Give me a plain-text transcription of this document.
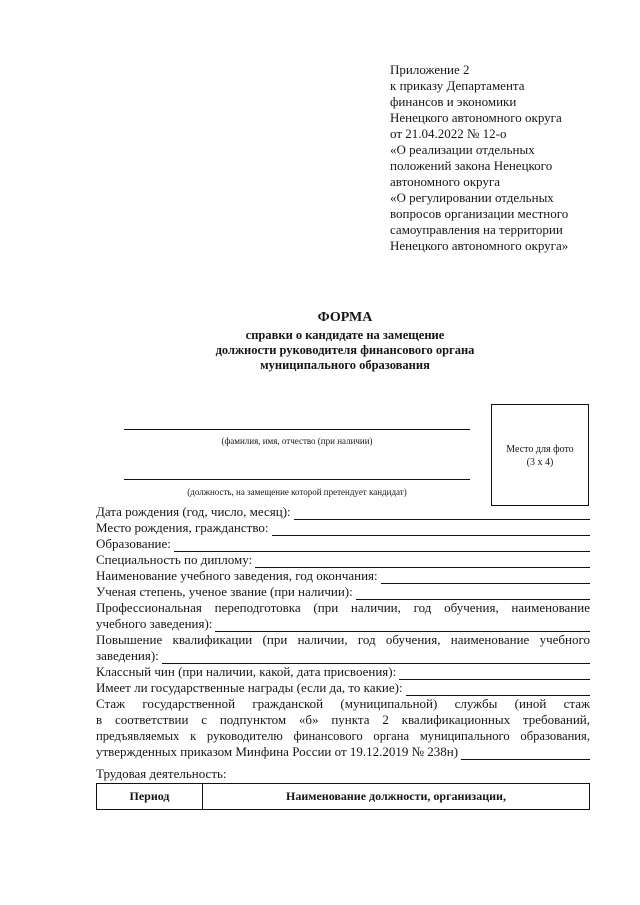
Приложение 2
к приказу Департамента
финансов и экономики
Ненецкого автономного округа
от 21.04.2022 № 12-о
«О реализации отдельных
положений закона Ненецкого
автономного округа
«О регулировании отдельных
вопросов организации местного
самоуправления на территории
Ненецкого автономного округа»
ФОРМА
справки о кандидате на замещение
должности руководителя финансового органа
муниципального образования
(фамилия, имя, отчество (при наличии)
(должность, на замещение которой претендует кандидат)
Место для фото
(3 х 4)
Дата рождения (год, число, месяц):
Место рождения, гражданство:
Образование:
Специальность по диплому:
Наименование учебного заведения, год окончания:
Ученая степень, ученое звание (при наличии):
Профессиональная переподготовка (при наличии, год обучения, наименование
учебного заведения):
Повышение квалификации (при наличии, год обучения, наименование учебного
заведения):
Классный чин (при наличии, какой, дата присвоения):
Имеет ли государственные награды (если да, то какие):
Стаж государственной гражданской (муниципальной) службы (иной стаж
в соответствии с подпунктом «б» пункта 2 квалификационных требований,
предъявляемых к руководителю финансового органа муниципального образования,
утвержденных приказом Минфина России от 19.12.2019 № 238н)
Трудовая деятельность:
Период	Наименование должности, организации,
